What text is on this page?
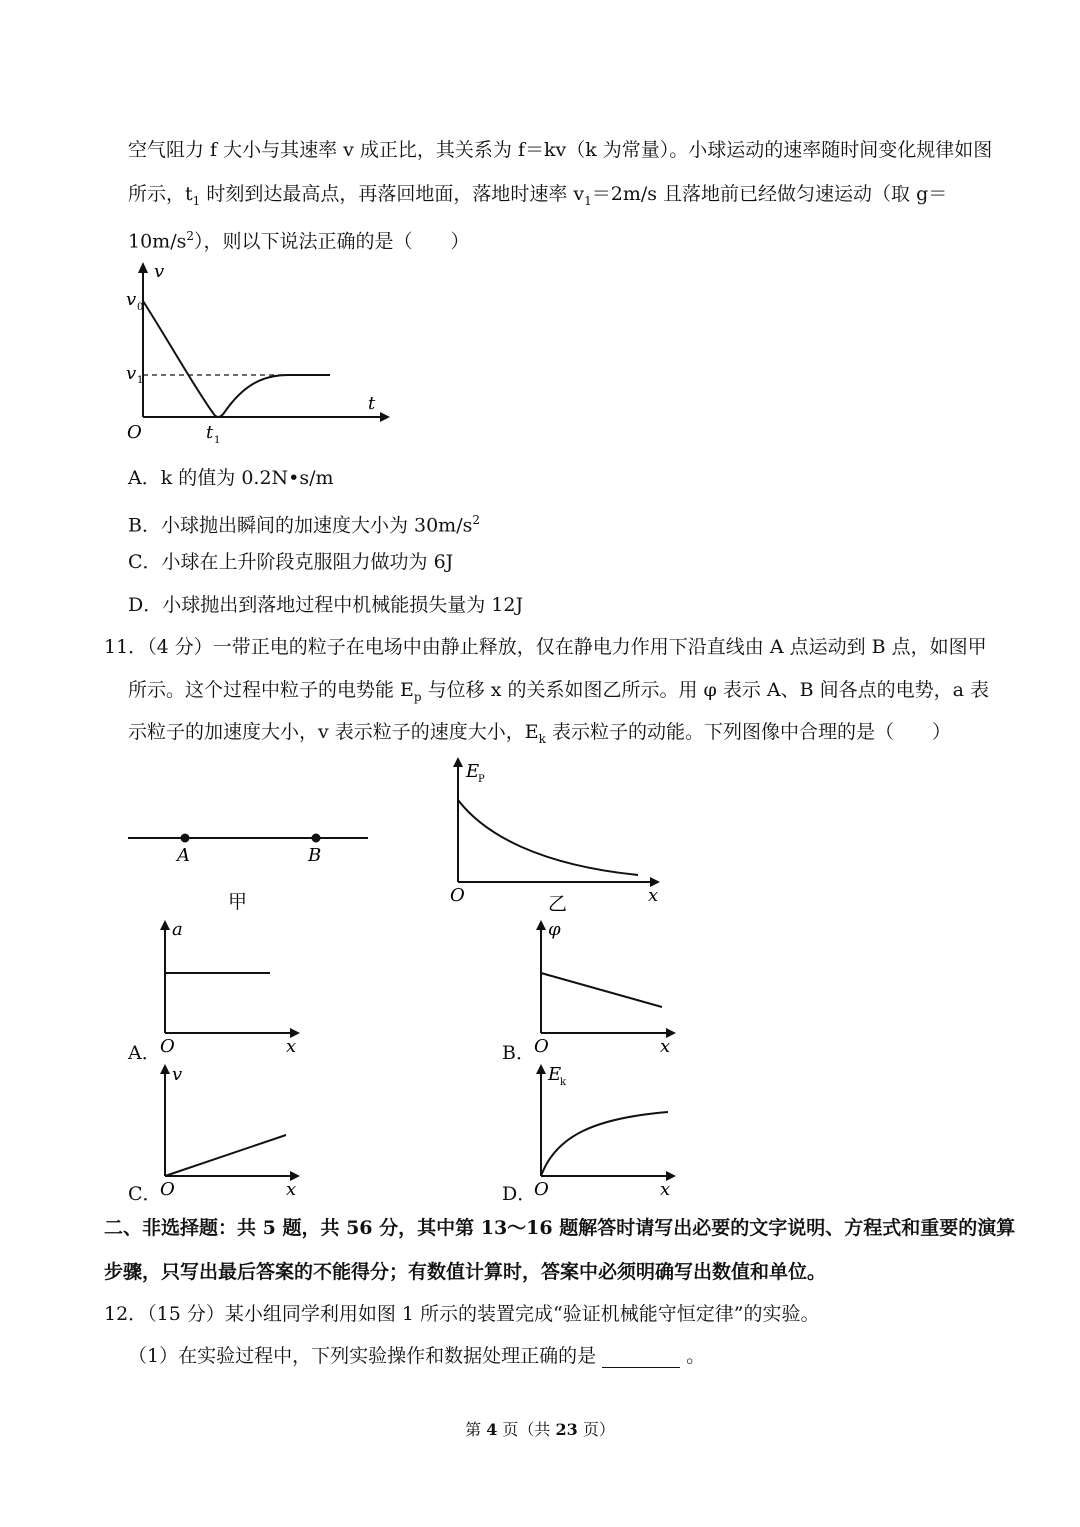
空气阻力 f 大小与其速率 v 成正比，其关系为 f＝kv（k 为常量）。小球运动的速率随时间变化规律如图
所示，$t_1$ 时刻到达最高点，再落回地面，落地时速率 $v_1=2m/s$ 且落地前已经做匀速运动（取 g＝
$10m/s^2$），则以下说法正确的是（　　）
v
t
v 0
v 1
t 1
O
A．k 的值为 0.2N•s/m
B．小球抛出瞬间的加速度大小为 $30m/s^2$
C．小球在上升阶段克服阻力做功为 6J
D．小球抛出到落地过程中机械能损失量为 12J
11．（4 分）一带正电的粒子在电场中由静止释放，仅在静电力作用下沿直线由 A 点运动到 B 点，如图甲
所示。这个过程中粒子的电势能 $E_p$ 与位移 x 的关系如图乙所示。用 φ 表示 A、B 间各点的电势，a 表
示粒子的加速度大小，v 表示粒子的速度大小，$E_k$ 表示粒子的动能。下列图像中合理的是（　　）
A	B
甲
E
P
x
O	乙
A．
a
x
O	B．
φ
x
O
C．
v
x
O	D．
E
k
x
O
二、非选择题：共 5 题，共 56 分，其中第 13～16 题解答时请写出必要的文字说明、方程式和重要的演算
步骤，只写出最后答案的不能得分；有数值计算时，答案中必须明确写出数值和单位。
12．（15 分）某小组同学利用如图 1 所示的装置完成“验证机械能守恒定律”的实验。
（1）在实验过程中，下列实验操作和数据处理正确的是	。
第 4 页（共 23 页）
